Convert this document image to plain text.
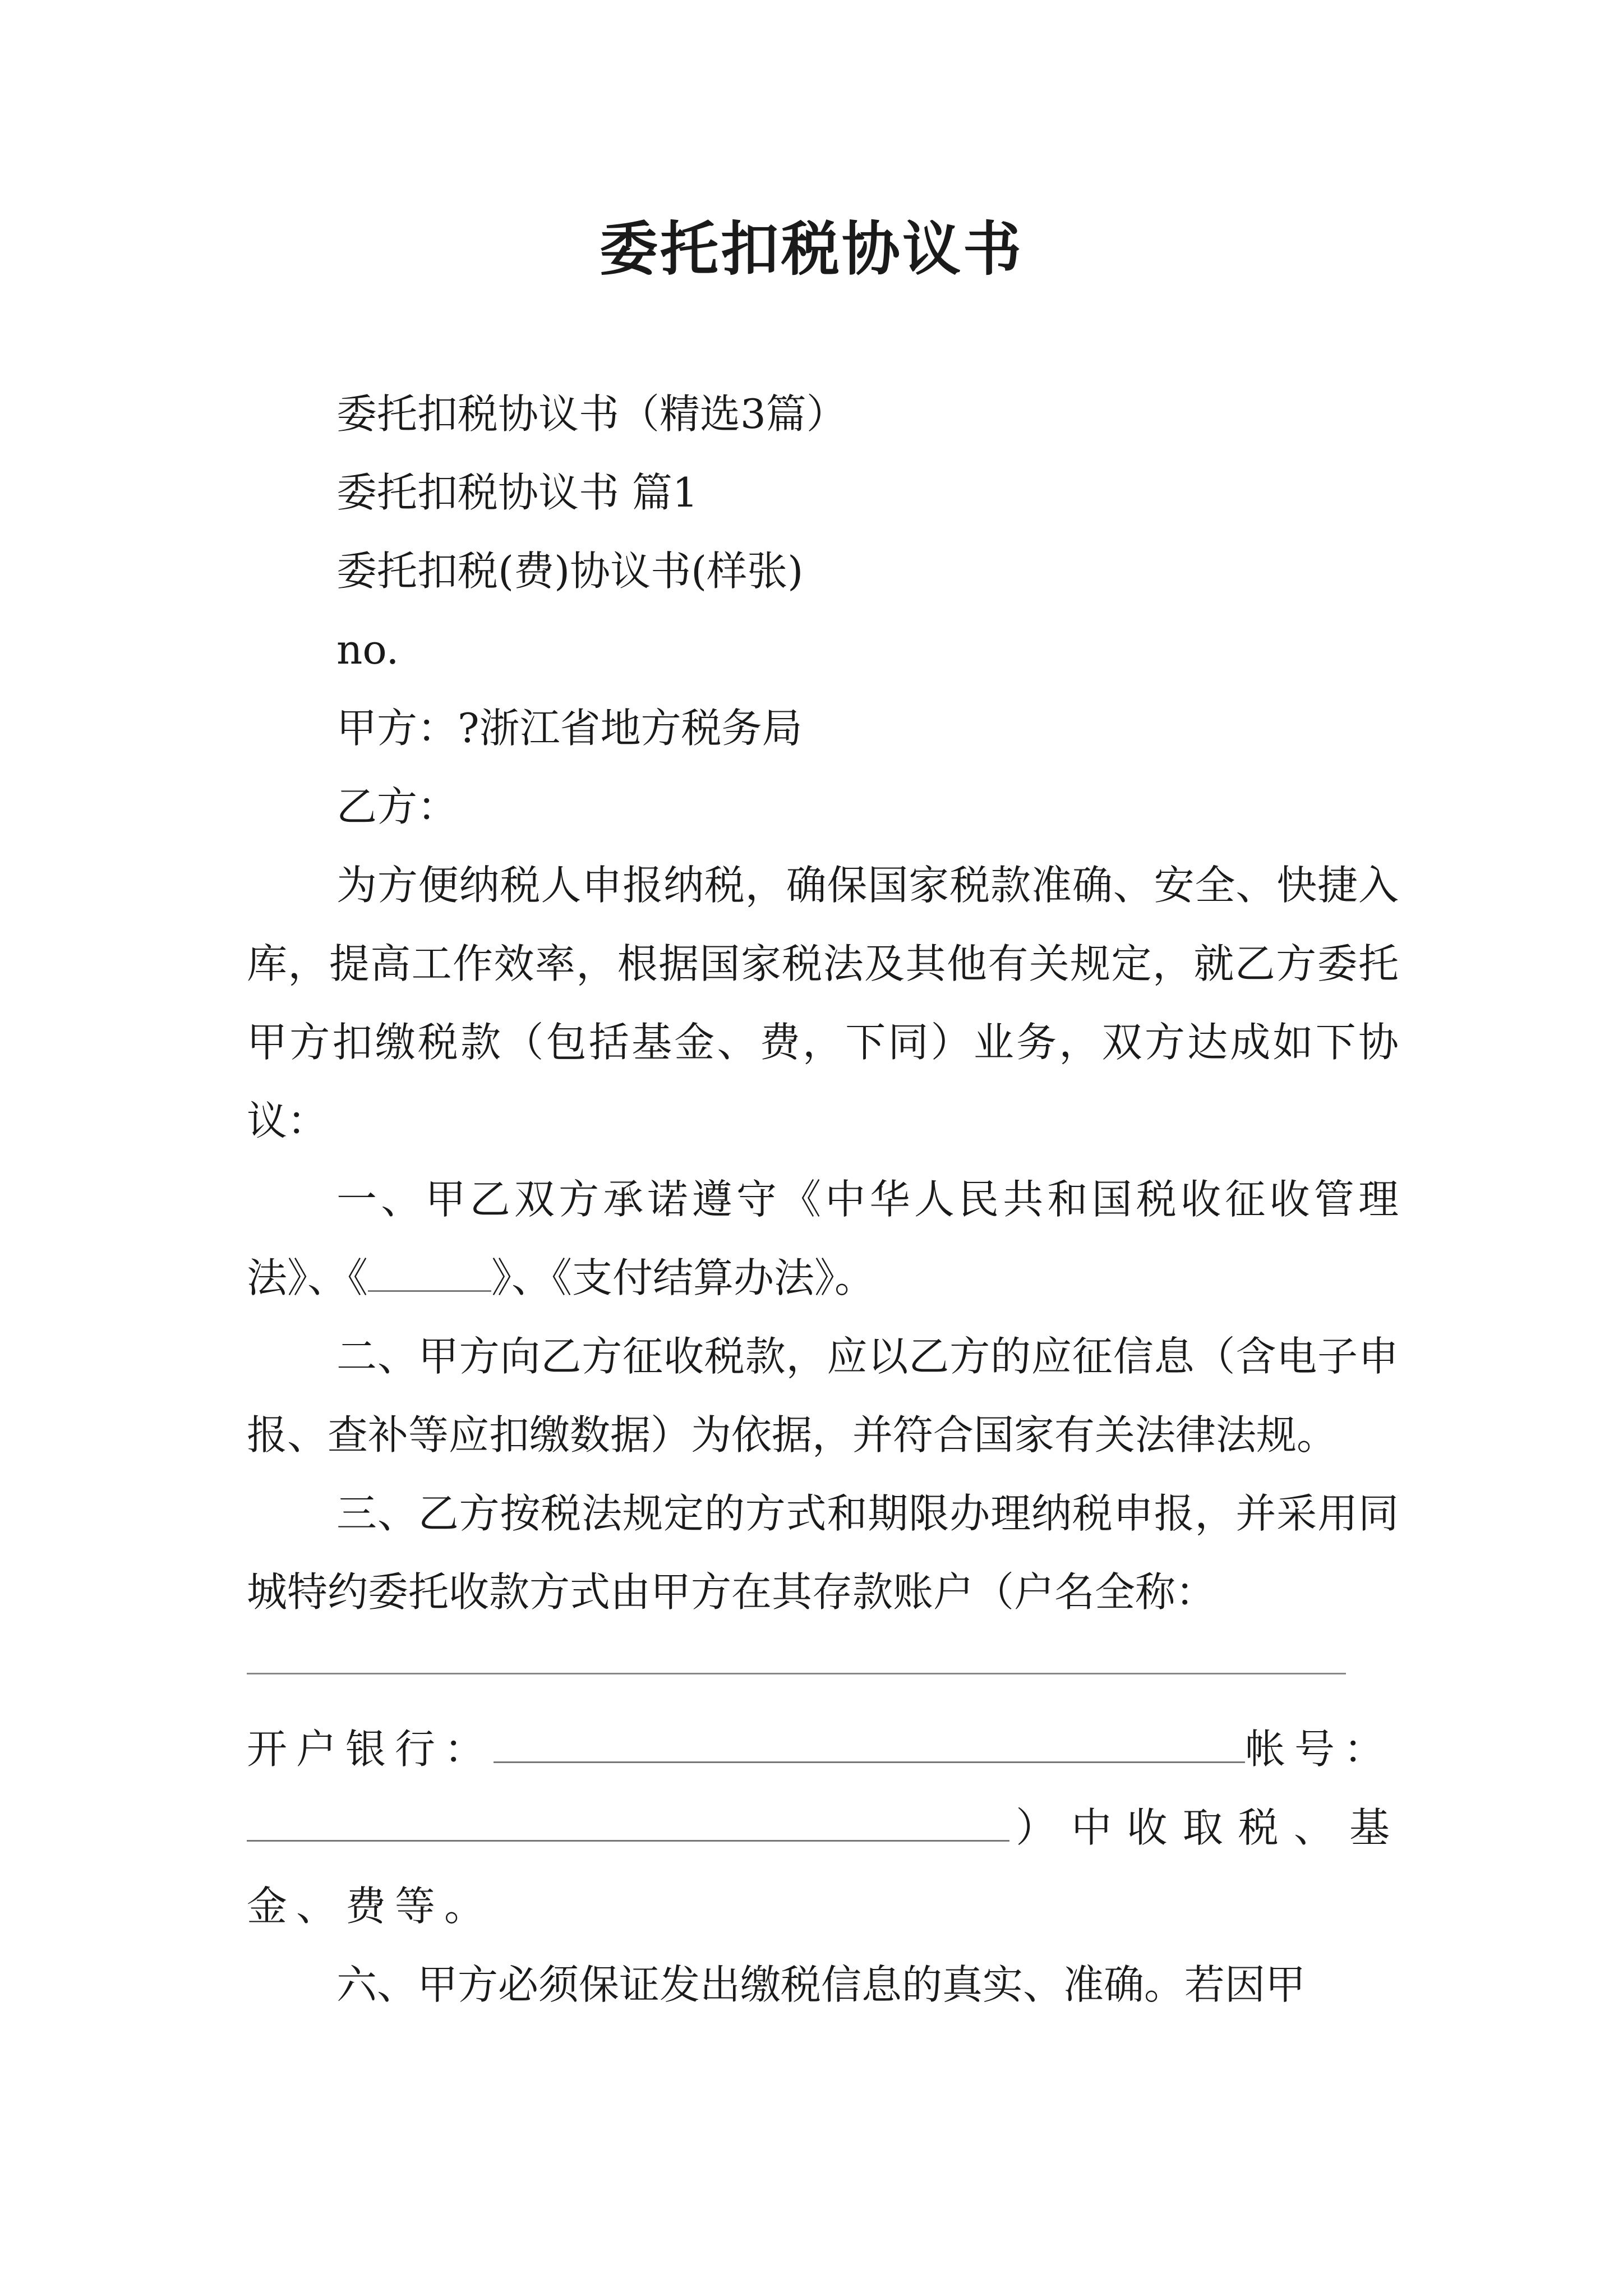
委托扣税协议书

委托扣税协议书（精选3篇）

委托扣税协议书 篇1

委托扣税(费)协议书(样张)

no.

甲方：?浙江省地方税务局

乙方：

为方便纳税人申报纳税，确保国家税款准确、安全、快捷入库，提高工作效率，根据国家税法及其他有关规定，就乙方委托甲方扣缴税款（包括基金、费，下同）业务，双方达成如下协议：

一、甲乙双方承诺遵守《中华人民共和国税收征收管理法》、《	》、《支付结算办法》。

二、甲方向乙方征收税款，应以乙方的应征信息（含电子申报、查补等应扣缴数据）为依据，并符合国家有关法律法规。

三、乙方按税法规定的方式和期限办理纳税申报，并采用同城特约委托收款方式由甲方在其存款账户（户名全称：

开户银行：	帐号：

）中收取税、基金、费等。

六、甲方必须保证发出缴税信息的真实、准确。若因甲
